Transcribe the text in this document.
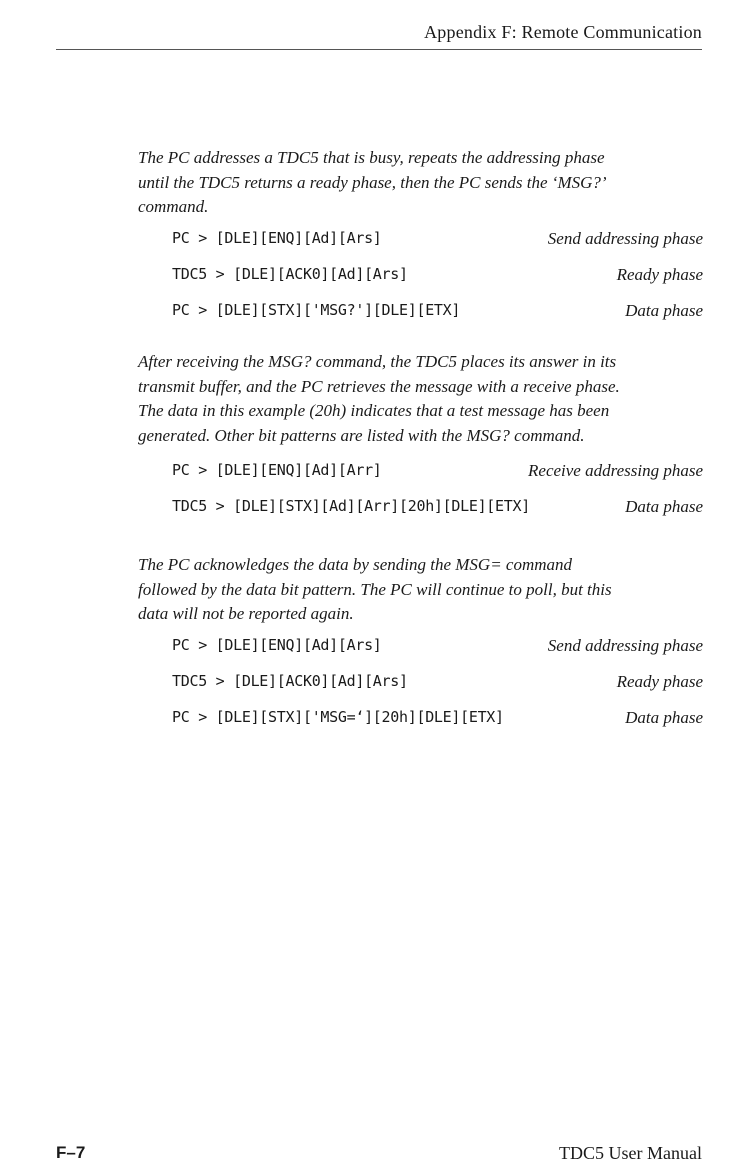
Appendix F: Remote Communication
The PC addresses a TDC5 that is busy, repeats the addressing phase
until the TDC5 returns a ready phase, then the PC sends the ‘MSG?’
command.
PC > [DLE][ENQ][Ad][Ars]	Send addressing phase
TDC5 > [DLE][ACK0][Ad][Ars]	Ready phase
PC > [DLE][STX]['MSG?'][DLE][ETX]	Data phase
After receiving the MSG? command, the TDC5 places its answer in its
transmit buffer, and the PC retrieves the message with a receive phase.
The data in this example (20h) indicates that a test message has been
generated. Other bit patterns are listed with the MSG? command.
PC > [DLE][ENQ][Ad][Arr]	Receive addressing phase
TDC5 > [DLE][STX][Ad][Arr][20h][DLE][ETX]	Data phase
The PC acknowledges the data by sending the MSG= command
followed by the data bit pattern. The PC will continue to poll, but this
data will not be reported again.
PC > [DLE][ENQ][Ad][Ars]	Send addressing phase
TDC5 > [DLE][ACK0][Ad][Ars]	Ready phase
PC > [DLE][STX]['MSG=‘][20h][DLE][ETX]	Data phase
F–7	TDC5 User Manual
